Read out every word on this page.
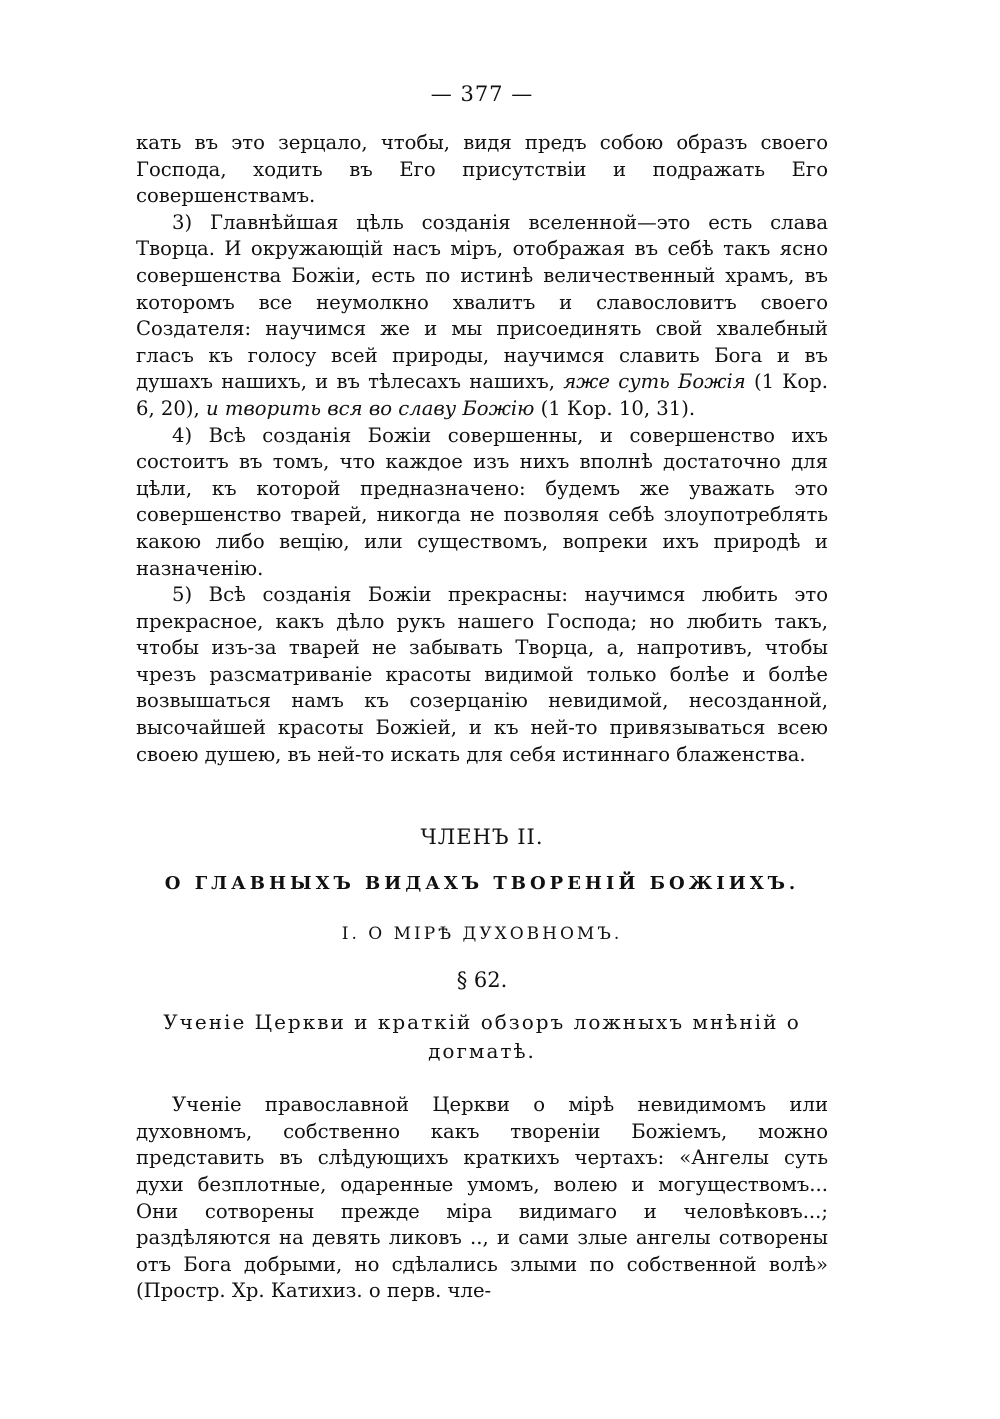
— 377 —

кать въ это зерцало, чтобы, видя предъ собою образъ своего Господа, ходить въ Его присутствіи и подражать Его совершенствамъ.

3) Главнѣйшая цѣль созданія вселенной—это есть слава Творца. И окружающій насъ міръ, отображая въ себѣ такъ ясно совершенства Божіи, есть по истинѣ величественный храмъ, въ которомъ все неумолкно хвалитъ и славословитъ своего Создателя: научимся же и мы присоединять свой хвалебный гласъ къ голосу всей природы, научимся славить Бога и въ душахъ нашихъ, и въ тѣлесахъ нашихъ, яже суть Божія (1 Кор. 6, 20), и творить вся во славу Божію (1 Кор. 10, 31).

4) Всѣ созданія Божіи совершенны, и совершенство ихъ состоитъ въ томъ, что каждое изъ нихъ вполнѣ достаточно для цѣли, къ которой предназначено: будемъ же уважать это совершенство тварей, никогда не позволяя себѣ злоупотреблять какою либо вещію, или существомъ, вопреки ихъ природѣ и назначенію.

5) Всѣ созданія Божіи прекрасны: научимся любить это прекрасное, какъ дѣло рукъ нашего Господа; но любить такъ, чтобы изъ-за тварей не забывать Творца, а, напротивъ, чтобы чрезъ разсматриваніе красоты видимой только болѣе и болѣе возвышаться намъ къ созерцанію невидимой, несозданной, высочайшей красоты Божіей, и къ ней-то привязываться всею своею душею, въ ней-то искать для себя истиннаго блаженства.

ЧЛЕНЪ II.
О ГЛАВНЫХЪ ВИДАХЪ ТВОРЕНІЙ БОЖІИХЪ.
I. О МІРѢ ДУХОВНОМЪ.
§ 62.
Ученіе Церкви и краткій обзоръ ложныхъ мнѣній о догматѣ.

Ученіе православной Церкви о мірѣ невидимомъ или духовномъ, собственно какъ твореніи Божіемъ, можно представить въ слѣдующихъ краткихъ чертахъ: «Ангелы суть духи безплотные, одаренные умомъ, волею и могуществомъ... Они сотворены прежде міра видимаго и человѣковъ...; раздѣляются на девять ликовъ .., и сами злые ангелы сотворены отъ Бога добрыми, но сдѣлались злыми по собственной волѣ» (Простр. Хр. Катихиз. о перв. чле-
